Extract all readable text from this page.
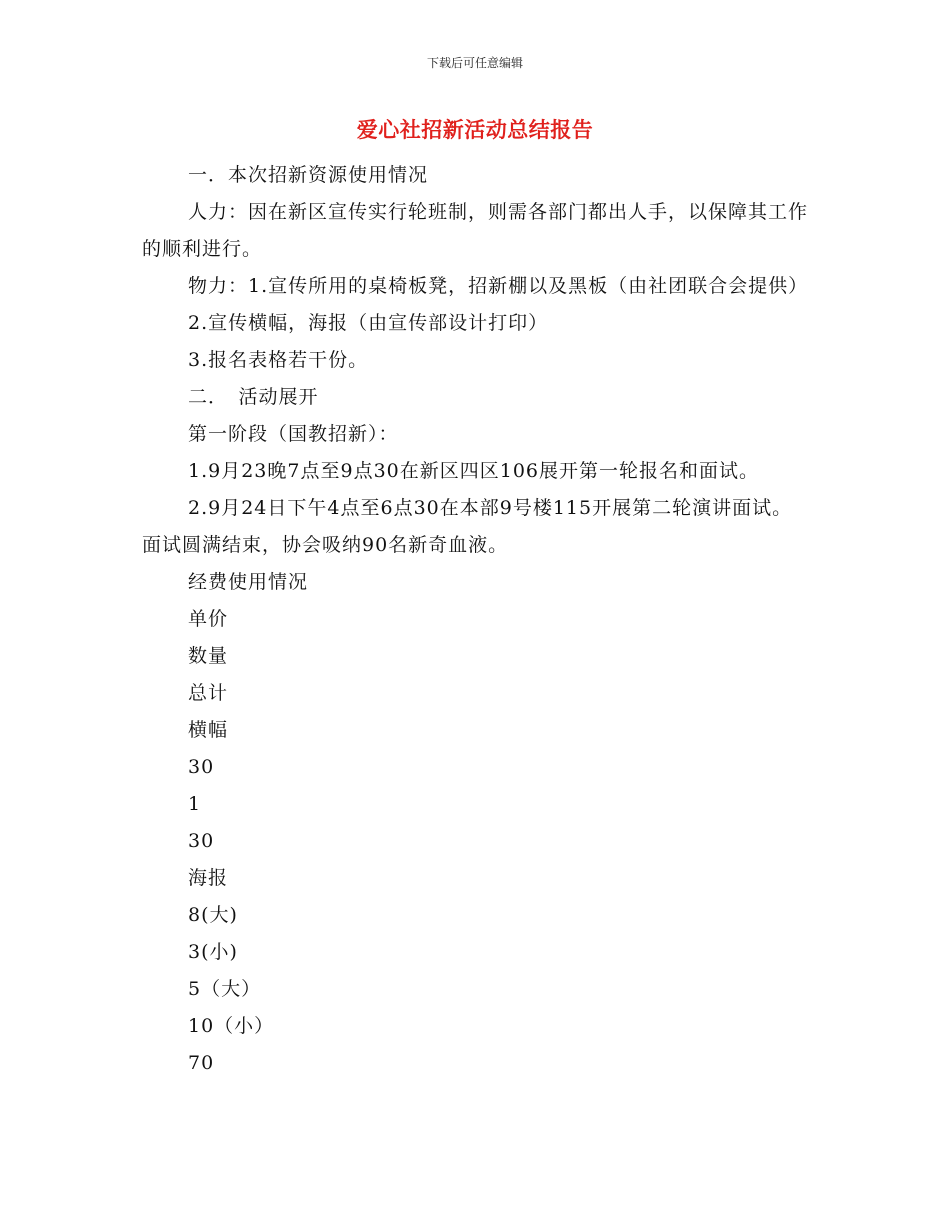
下载后可任意编辑
爱心社招新活动总结报告

一．本次招新资源使用情况

人力：因在新区宣传实行轮班制，则需各部门都出人手，以保障其工作的顺利进行。

物力：1.宣传所用的桌椅板凳，招新棚以及黑板（由社团联合会提供）

2.宣传横幅，海报（由宣传部设计打印）

3.报名表格若干份。

二．　活动展开

第一阶段（国教招新）：

1.9月23晚7点至9点30在新区四区106展开第一轮报名和面试。

2.9月24日下午4点至6点30在本部9号楼115开展第二轮演讲面试。面试圆满结束，协会吸纳90名新奇血液。

经费使用情况

单价

数量

总计

横幅

30

1

30

海报

8(大)

3(小)

5（大）

10（小）

70
